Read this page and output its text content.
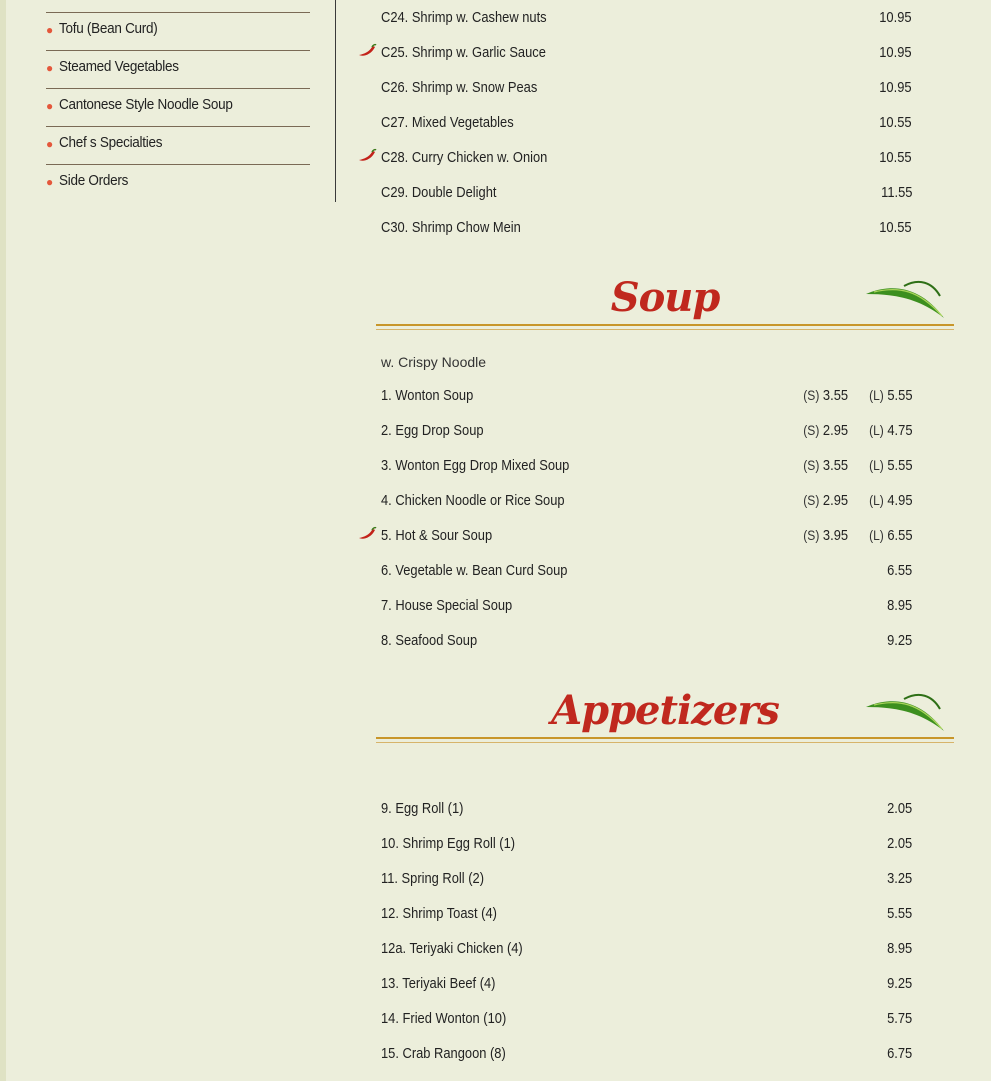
● Tofu (Bean Curd)
● Steamed Vegetables
● Cantonese Style Noodle Soup
● Chef s Specialties
● Side Orders
C24. Shrimp w. Cashew nuts	10.95
C25. Shrimp w. Garlic Sauce	10.95
C26. Shrimp w. Snow Peas	10.95
C27. Mixed Vegetables	10.55
C28. Curry Chicken w. Onion	10.55
C29. Double Delight	11.55
C30. Shrimp Chow Mein	10.55
Soup
w. Crispy Noodle
1. Wonton Soup	(S) 3.55 (L) 5.55
2. Egg Drop Soup	(S) 2.95 (L) 4.75
3. Wonton Egg Drop Mixed Soup	(S) 3.55 (L) 5.55
4. Chicken Noodle or Rice Soup	(S) 2.95 (L) 4.95
5. Hot & Sour Soup	(S) 3.95 (L) 6.55
6. Vegetable w. Bean Curd Soup	6.55
7. House Special Soup	8.95
8. Seafood Soup	9.25
Appetizers
9. Egg Roll (1)	2.05
10. Shrimp Egg Roll (1)	2.05
11. Spring Roll (2)	3.25
12. Shrimp Toast (4)	5.55
12a. Teriyaki Chicken (4)	8.95
13. Teriyaki Beef (4)	9.25
14. Fried Wonton (10)	5.75
15. Crab Rangoon (8)	6.75
